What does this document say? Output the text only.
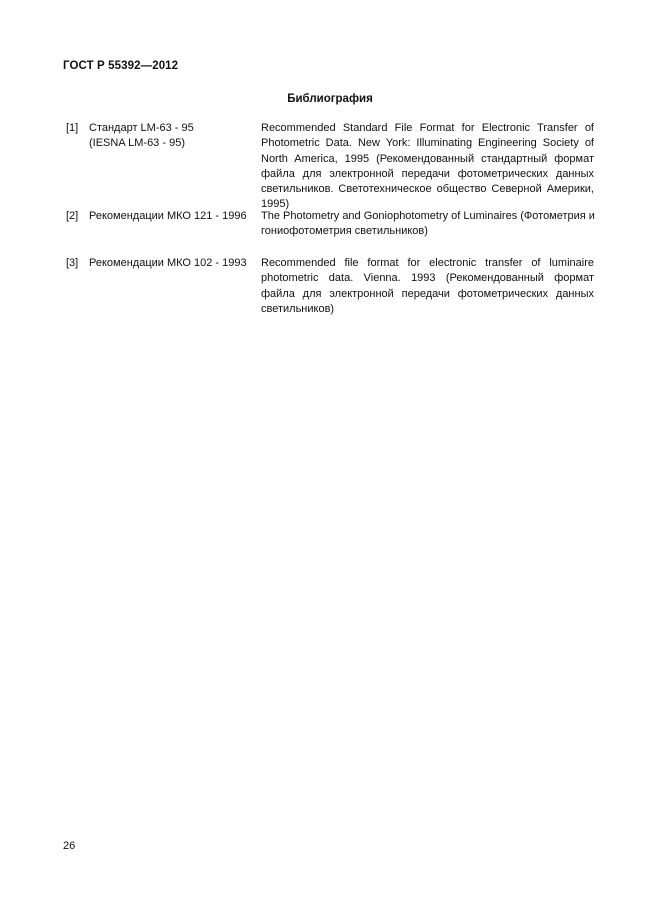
ГОСТ Р 55392—2012
Библиография
[1] Стандарт LM-63 - 95
(IESNA LM-63 - 95)
Recommended Standard File Format for Electronic Transfer of
Photometric Data. New York: Illuminating Engineering Society of
North America, 1995 (Рекомендованный стандартный формат
файла для электронной передачи фотометрических данных
светильников. Светотехническое общество Северной Америки,
1995)
[2] Рекомендации МКО 121 - 1996	The Photometry and Goniophotometry of Luminaires (Фотометрия и
гониофотометрия светильников)
[3] Рекомендации МКО 102 - 1993	Recommended file format for electronic transfer of luminaire
photometric data. Vienna. 1993 (Рекомендованный формат
файла для электронной передачи фотометрических данных
светильников)
26
